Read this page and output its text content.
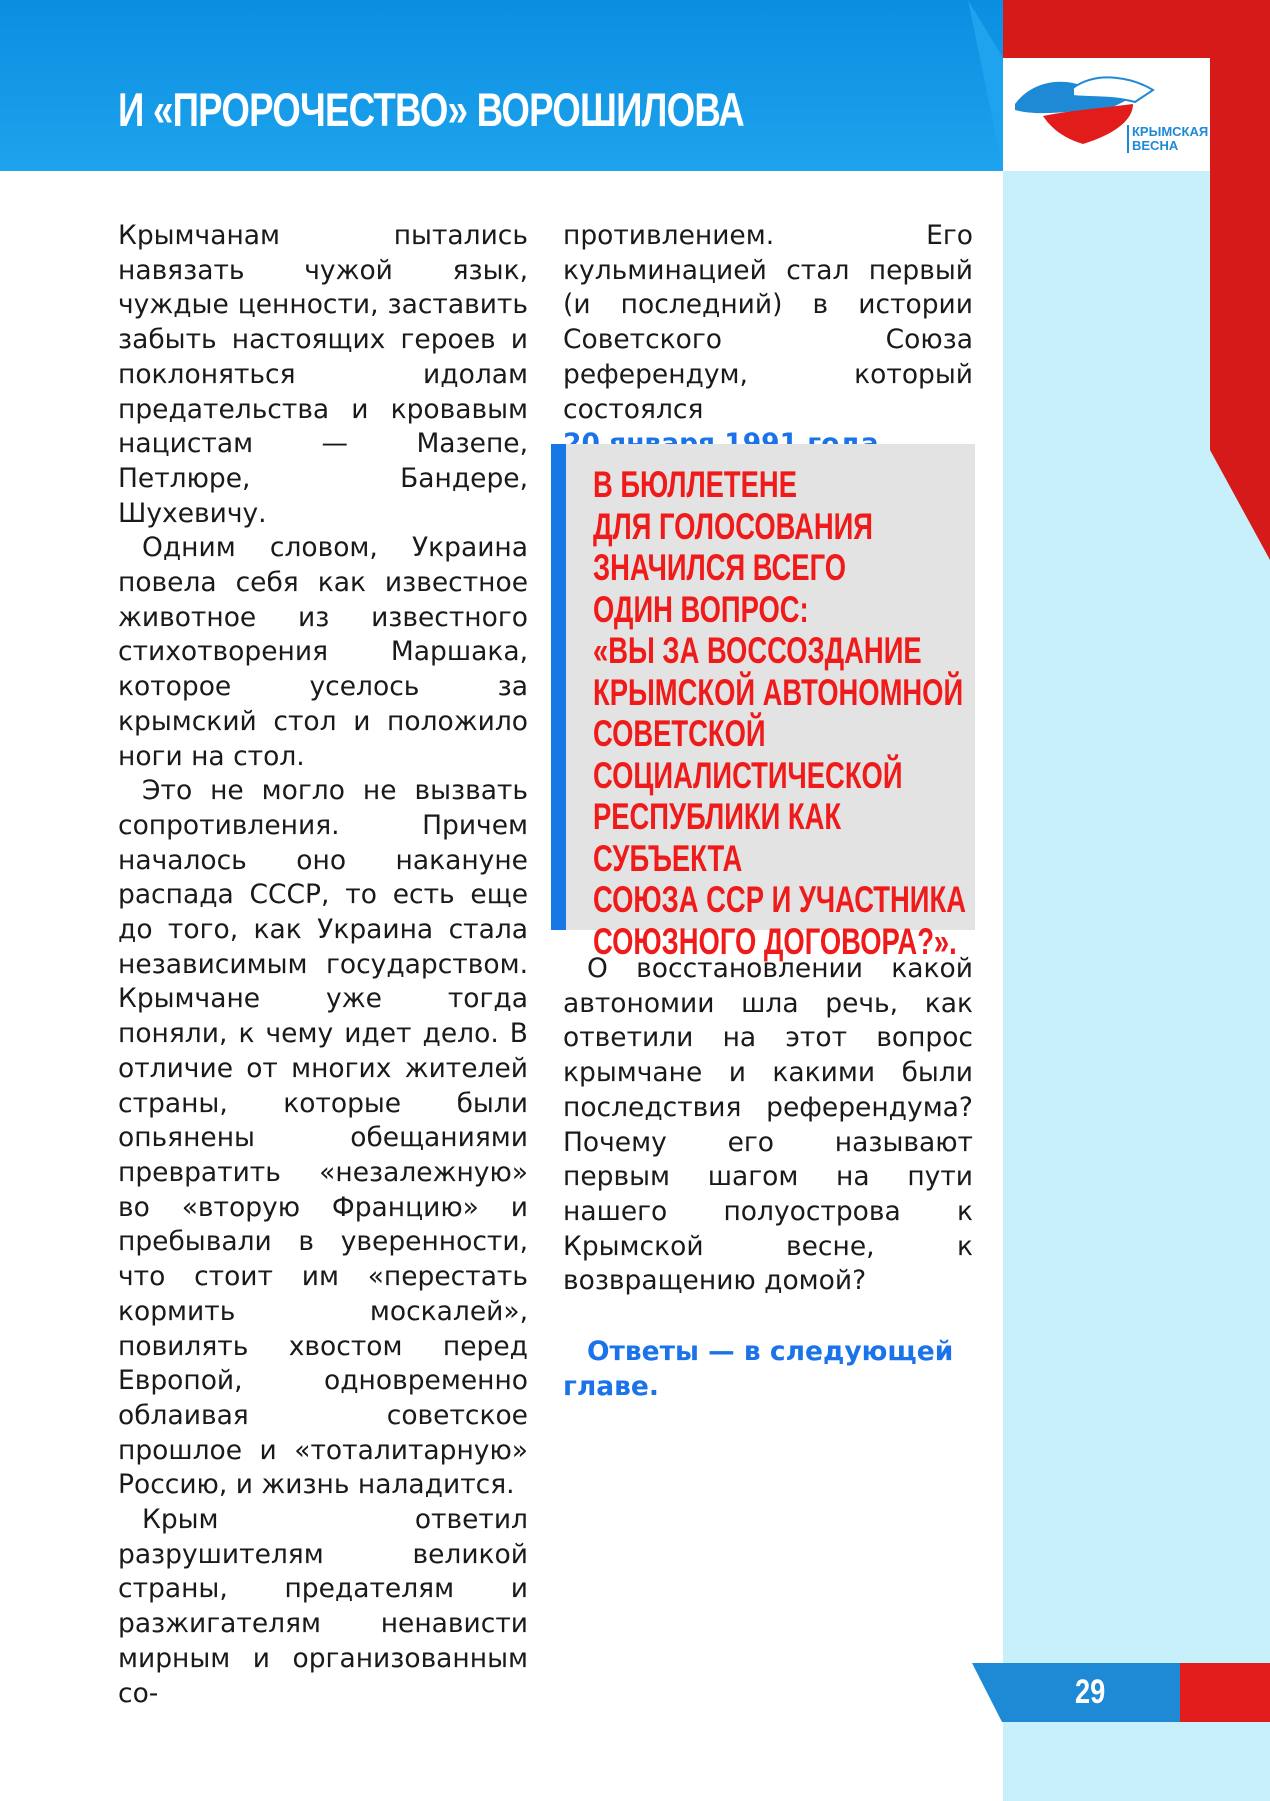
И «ПРОРОЧЕСТВО» ВОРОШИЛОВА	КРЫМСКАЯ ВЕСНА

Крымчанам пытались навязать чужой язык, чуждые ценности, заставить забыть настоящих героев и поклоняться идолам предательства и кровавым нацистам — Мазепе, Петлюре, Бандере, Шухевичу.

Одним словом, Украина повела себя как известное животное из известного стихотворения Маршака, которое уселось за крымский стол и положило ноги на стол.

Это не могло не вызвать сопротивления. Причем началось оно накануне распада СССР, то есть еще до того, как Украина стала независимым государством. Крымчане уже тогда поняли, к чему идет дело. В отличие от многих жителей страны, которые были опьянены обещаниями превратить «незалежную» во «вторую Францию» и пребывали в уверенности, что стоит им «перестать кормить москалей», повилять хвостом перед Европой, одновременно облаивая советское прошлое и «тоталитарную» Россию, и жизнь наладится.

Крым ответил разрушителям великой страны, предателям и разжигателям ненависти мирным и организованным со-

противлением. Его кульминацией стал первый (и последний) в истории Советского Союза референдум, который состоялся

В БЮЛЛЕТЕНЕ
ДЛЯ ГОЛОСОВАНИЯ
ЗНАЧИЛСЯ ВСЕГО
ОДИН ВОПРОС:
«ВЫ ЗА ВОССОЗДАНИЕ
КРЫМСКОЙ АВТОНОМНОЙ
СОВЕТСКОЙ
СОЦИАЛИСТИЧЕСКОЙ
РЕСПУБЛИКИ КАК СУБЪЕКТА
СОЮЗА ССР И УЧАСТНИКА
СОЮЗНОГО ДОГОВОРА?».

О восстановлении какой автономии шла речь, как ответили на этот вопрос крымчане и какими были последствия референдума? Почему его называют первым шагом на пути нашего полуострова к Крымской весне, к возвращению домой?

Ответы — в следующей главе.
29
